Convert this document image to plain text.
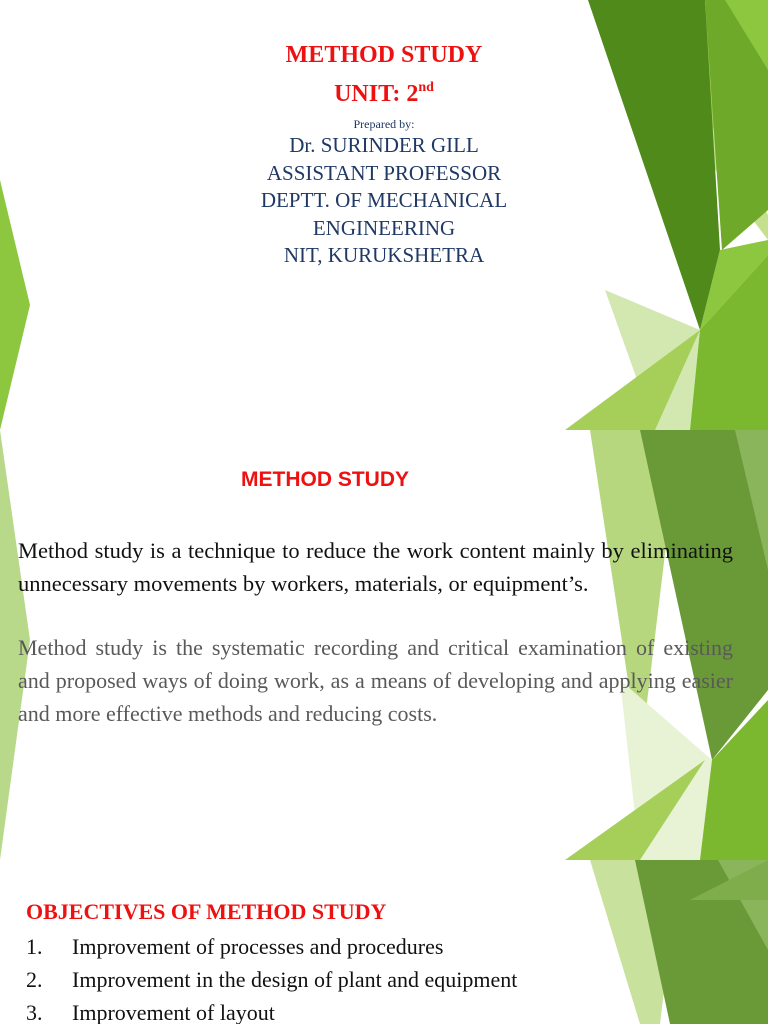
METHOD STUDY
UNIT: 2nd
Prepared by:
Dr. SURINDER GILL
ASSISTANT PROFESSOR
DEPTT. OF MECHANICAL
ENGINEERING
NIT, KURUKSHETRA
METHOD STUDY
Method study is a technique to reduce the work content mainly by eliminating unnecessary movements by workers, materials, or equipment’s.
Method study is the systematic recording and critical examination of existing and proposed ways of doing work, as a means of developing and applying easier and more effective methods and reducing costs.
OBJECTIVES OF METHOD STUDY
1. Improvement of processes and procedures
2. Improvement in the design of plant and equipment
3. Improvement of layout
